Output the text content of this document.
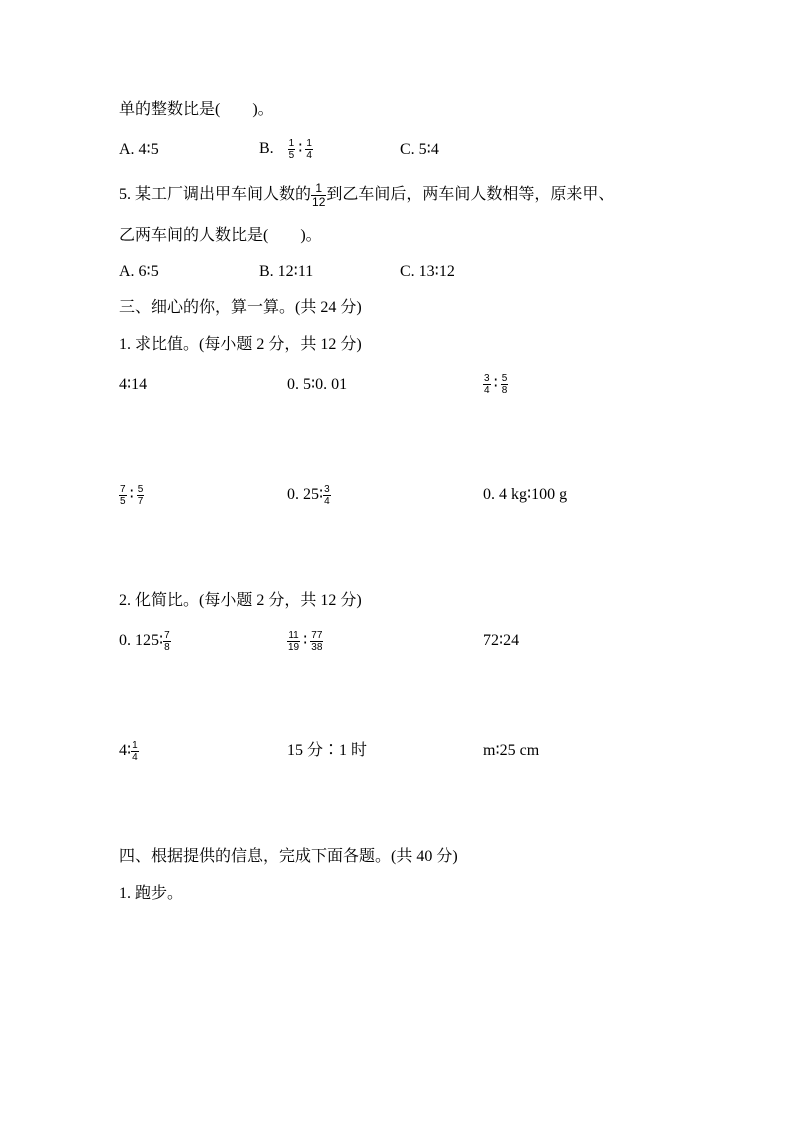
单的整数比是(　　)。
A. 4∶5	B. $\frac{1}{5}$ ∶ $\frac{1}{4}$	C. 5∶4
5. 某工厂调出甲车间人数的 $\frac{1}{12}$ 到乙车间后，两车间人数相等，原来甲、
乙两车间的人数比是(　　)。
A. 6∶5	B. 12∶11	C. 13∶12
三、细心的你，算一算。(共 24 分)
1. 求比值。(每小题 2 分，共 12 分)
4∶14	0. 5∶0. 01	$\frac{3}{4}$ ∶ $\frac{5}{8}$
$\frac{7}{5}$ ∶ $\frac{5}{7}$	0. 25∶ $\frac{3}{4}$	0. 4 kg∶100 g
2. 化简比。(每小题 2 分，共 12 分)
0. 125∶ $\frac{7}{8}$	$\frac{11}{19}$ ∶ $\frac{77}{38}$	72∶24
4∶ $\frac{1}{4}$	15 分∶1 时	m∶25 cm
四、根据提供的信息，完成下面各题。(共 40 分)
1. 跑步。
